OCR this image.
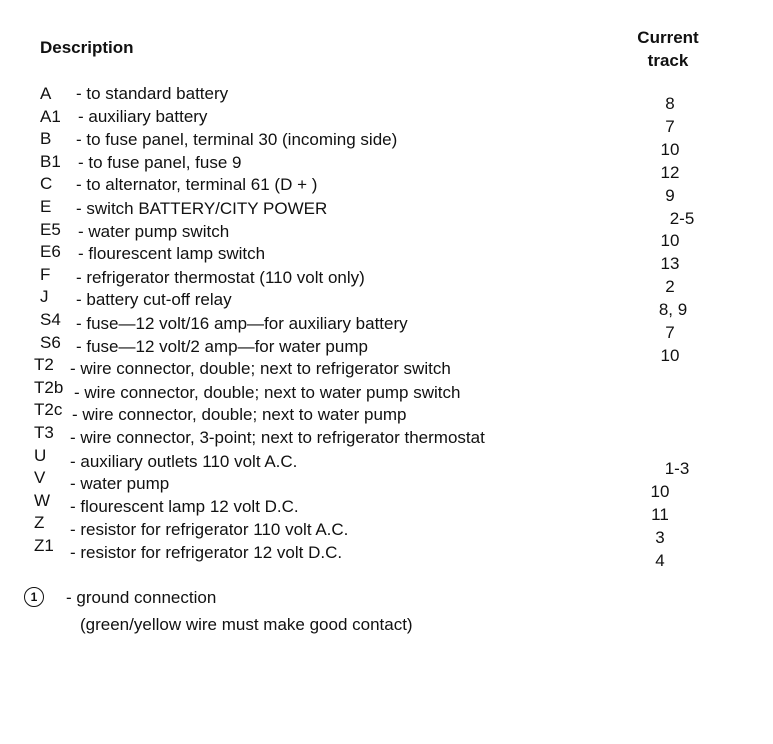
Description
Current
track
A - to standard battery
A1 - auxiliary battery
B - to fuse panel, terminal 30 (incoming side)
B1 - to fuse panel, fuse 9
C - to alternator, terminal 61 (D + )
E - switch BATTERY/CITY POWER
E5 - water pump switch
E6 - flourescent lamp switch
F - refrigerator thermostat (110 volt only)
J - battery cut-off relay
S4 - fuse—12 volt/16 amp—for auxiliary battery
S6 - fuse—12 volt/2 amp—for water pump
T2 - wire connector, double; next to refrigerator switch
T2b - wire connector, double; next to water pump switch
T2c - wire connector, double; next to water pump
T3 - wire connector, 3-point; next to refrigerator thermostat
U - auxiliary outlets 110 volt A.C.
V - water pump
W - flourescent lamp 12 volt D.C.
Z - resistor for refrigerator 110 volt A.C.
Z1 - resistor for refrigerator 12 volt D.C.
8
7
10
12
9
2-5
10
13
2
8, 9
7
10
1-3
10
11
3
4
1	- ground connection
(green/yellow wire must make good contact)
